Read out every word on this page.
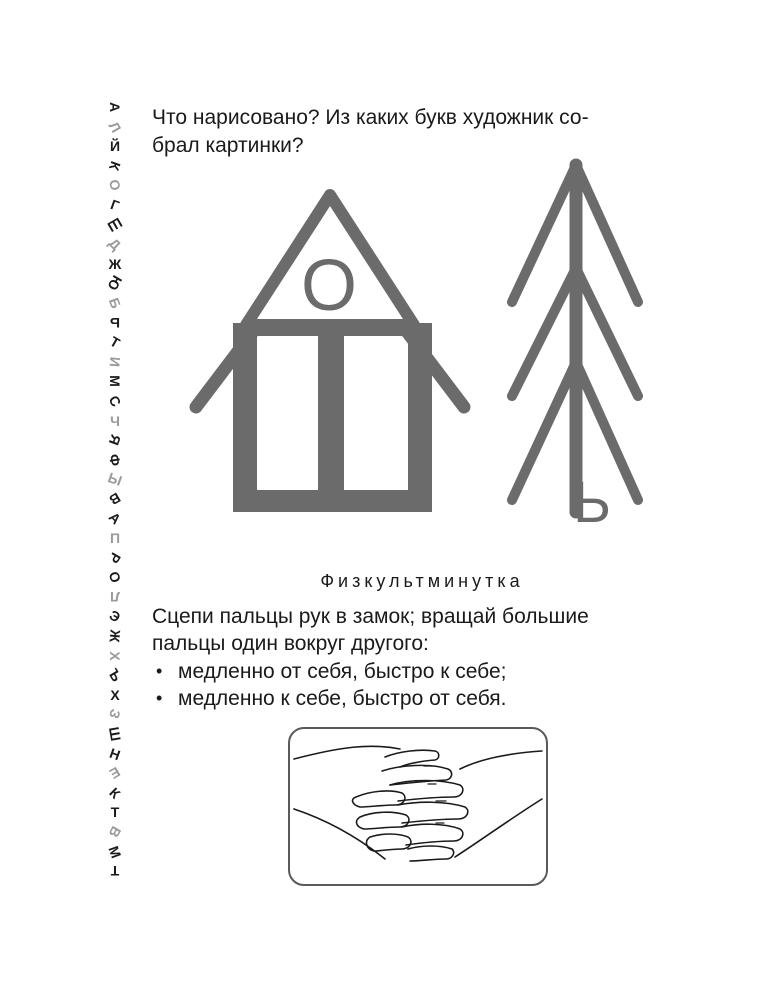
А
Л
Й
К
О
Г
Ш
Д
Ж
Ю
Б
Ь
Т
И
М
С
Ч
Я
Ф
Ы
В
А
П
Р
О
Л
Э
Ж
Х
Ъ
Х
З
Ш
Н
Е
К
Т
В
М
Т

Что нарисовано? Из каких букв художник со-
брал картинки?

О
Ь

Физкультминутка

Сцепи пальцы рук в замок; вращай большие
пальцы один вокруг другого:

• медленно от себя, быстро к себе;
• медленно к себе, быстро от себя.
